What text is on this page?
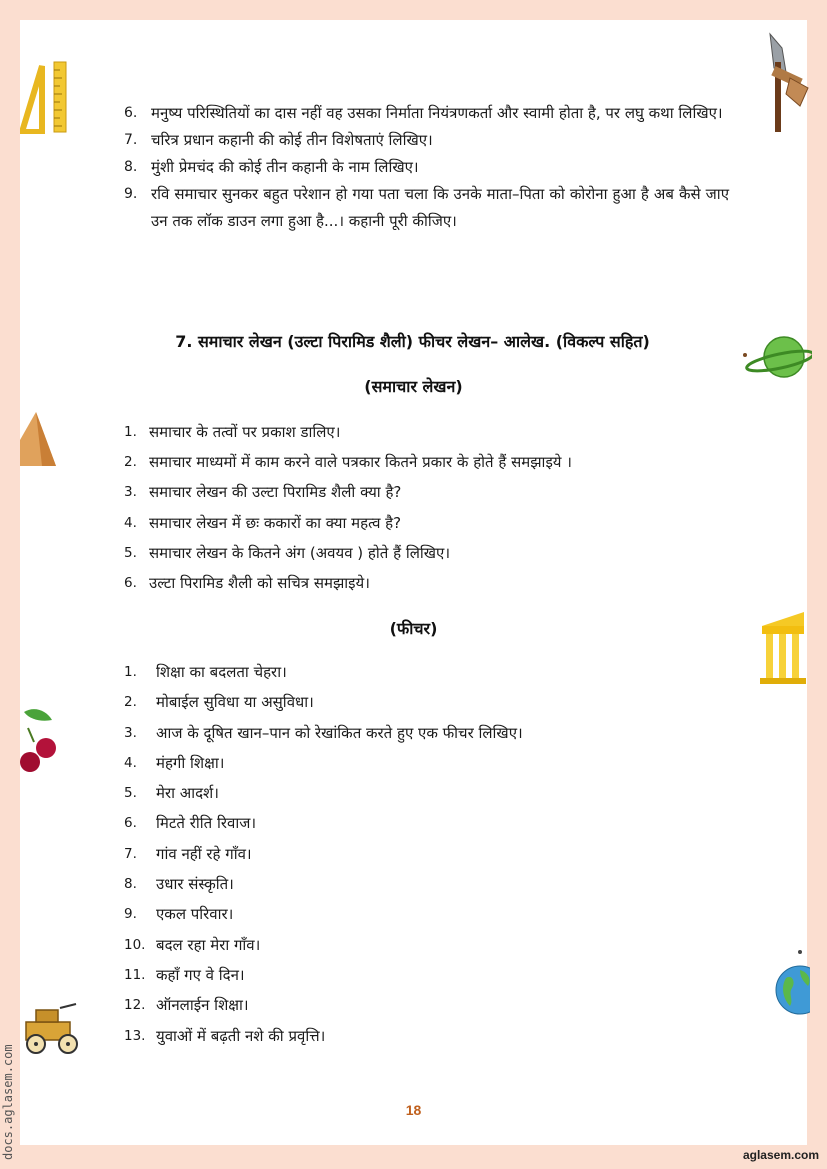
6. मनुष्य परिस्थितियों का दास नहीं वह उसका निर्माता नियंत्रणकर्ता और स्वामी होता है, पर लघु कथा लिखिए।
7. चरित्र प्रधान कहानी की कोई तीन विशेषताएं लिखिए।
8. मुंशी प्रेमचंद की कोई तीन कहानी के नाम लिखिए।
9. रवि समाचार सुनकर बहुत परेशान हो गया पता चला कि उनके माता–पिता को कोरोना हुआ है अब कैसे जाए उन तक लॉक डाउन लगा हुआ है...। कहानी पूरी कीजिए।
7. समाचार लेखन (उल्टा पिरामिड शैली) फीचर लेखन– आलेख. (विकल्प सहित)
(समाचार लेखन)
1. समाचार के तत्वों पर प्रकाश डालिए।
2. समाचार माध्यमों में काम करने वाले पत्रकार कितने प्रकार के होते हैं समझाइये ।
3. समाचार लेखन की उल्टा पिरामिड शैली क्या है?
4. समाचार लेखन में छः ककारों का क्या महत्व है?
5. समाचार लेखन के कितने अंग (अवयव ) होते हैं लिखिए।
6. उल्टा पिरामिड शैली को सचित्र समझाइये।
(फीचर)
1. शिक्षा का बदलता चेहरा।
2. मोबाईल सुविधा या असुविधा।
3. आज के दूषित खान–पान को रेखांकित करते हुए एक फीचर लिखिए।
4. मंहगी शिक्षा।
5. मेरा आदर्श।
6. मिटते रीति रिवाज।
7. गांव नहीं रहे गाँव।
8. उधार संस्कृति।
9. एकल परिवार।
10. बदल रहा मेरा गाँव।
11. कहाँ गए वे दिन।
12. ऑनलाईन शिक्षा।
13. युवाओं में बढ़ती नशे की प्रवृत्ति।
18
docs.aglasem.com	aglasem.com
